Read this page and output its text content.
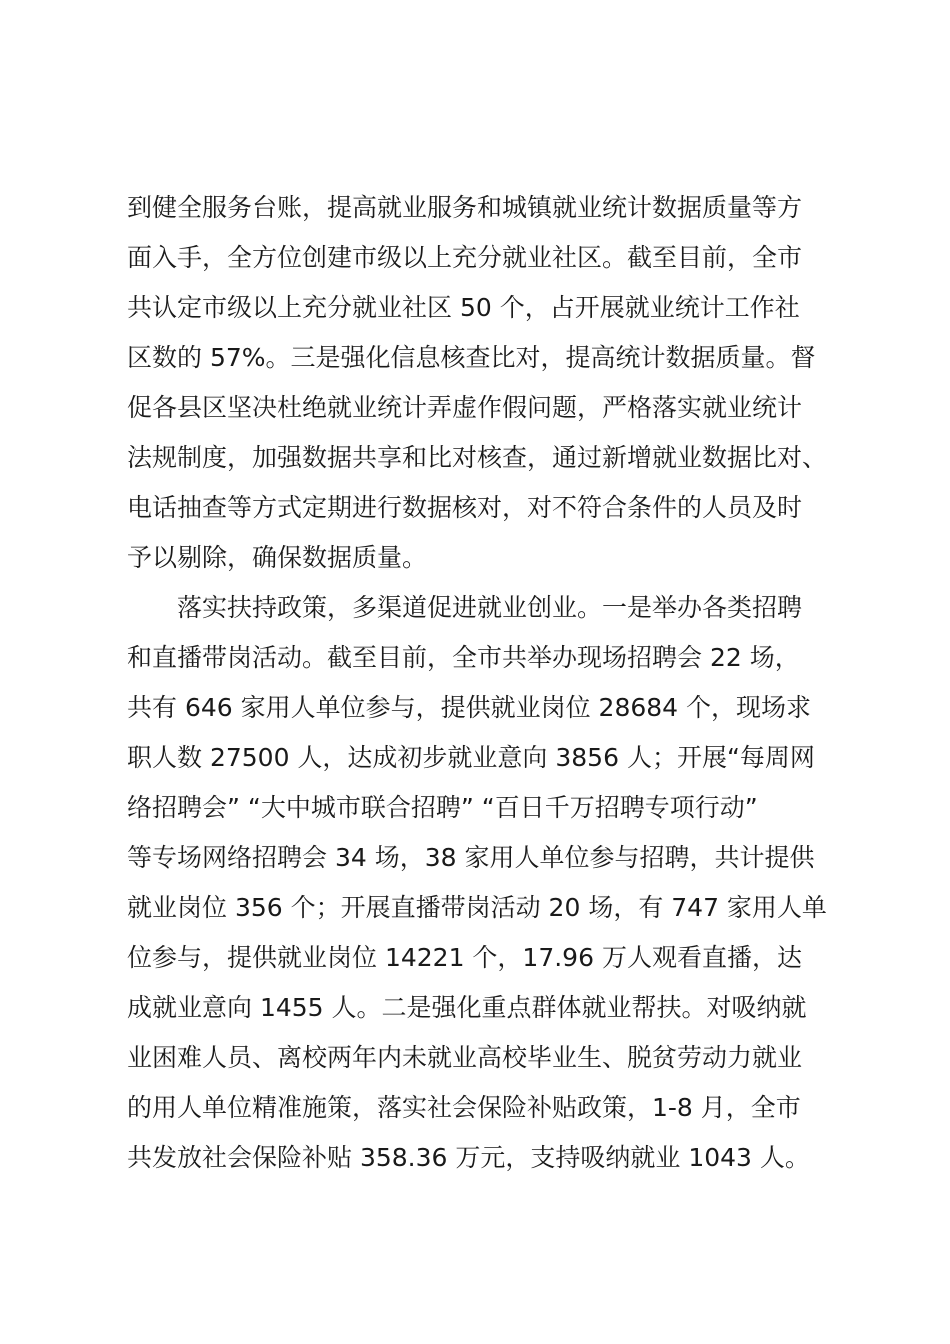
到健全服务台账，提高就业服务和城镇就业统计数据质量等方

面入手，全方位创建市级以上充分就业社区。截至目前，全市

共认定市级以上充分就业社区 50 个，占开展就业统计工作社

区数的 57%。三是强化信息核查比对，提高统计数据质量。督

促各县区坚决杜绝就业统计弄虚作假问题，严格落实就业统计

法规制度，加强数据共享和比对核查，通过新增就业数据比对、

电话抽查等方式定期进行数据核对，对不符合条件的人员及时

予以剔除，确保数据质量。

落实扶持政策，多渠道促进就业创业。一是举办各类招聘

和直播带岗活动。截至目前，全市共举办现场招聘会 22 场，

共有 646 家用人单位参与，提供就业岗位 28684 个，现场求

职人数 27500 人，达成初步就业意向 3856 人；开展“每周网

络招聘会” “大中城市联合招聘” “百日千万招聘专项行动”

等专场网络招聘会 34 场，38 家用人单位参与招聘，共计提供

就业岗位 356 个；开展直播带岗活动 20 场，有 747 家用人单

位参与，提供就业岗位 14221 个，17.96 万人观看直播，达

成就业意向 1455 人。二是强化重点群体就业帮扶。对吸纳就

业困难人员、离校两年内未就业高校毕业生、脱贫劳动力就业

的用人单位精准施策，落实社会保险补贴政策，1-8 月，全市

共发放社会保险补贴 358.36 万元，支持吸纳就业 1043 人。
